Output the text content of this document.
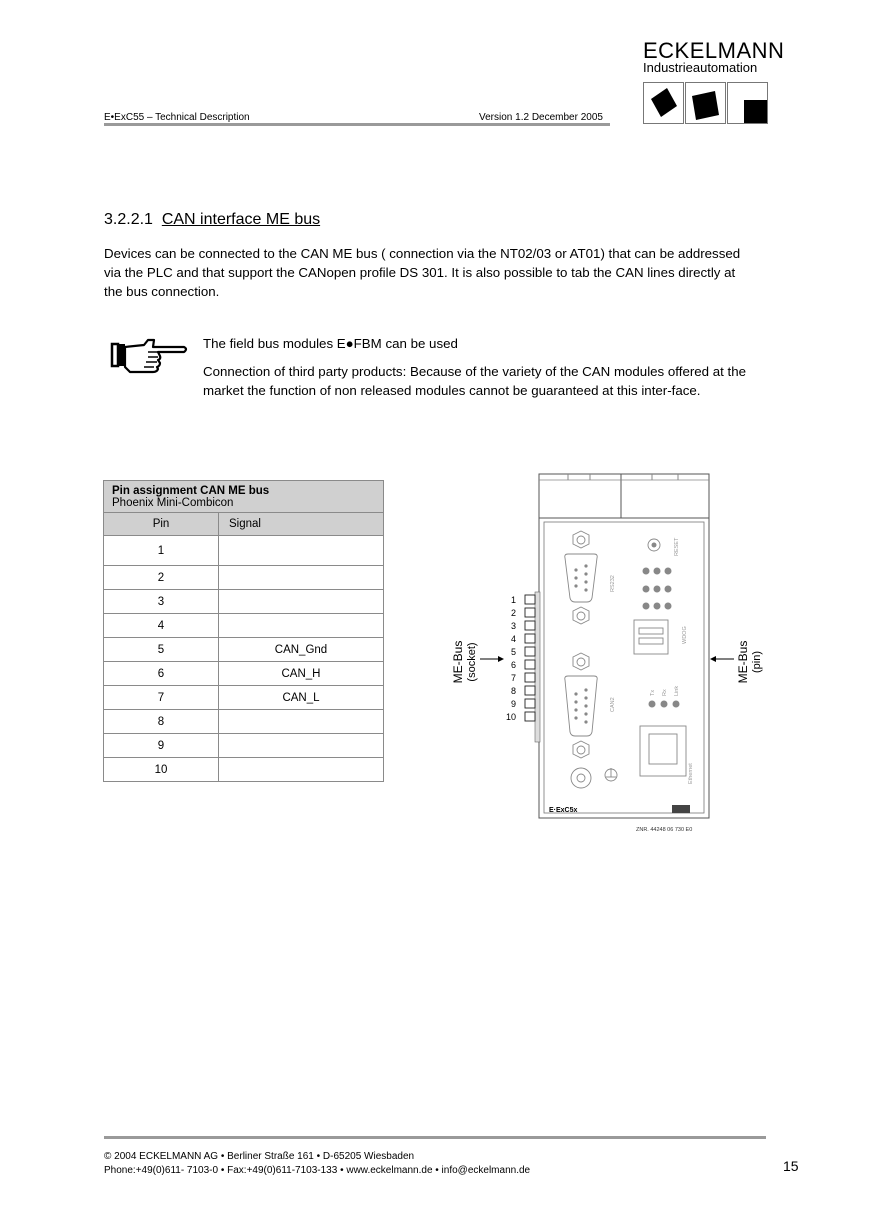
E•ExC55 – Technical Description	Version 1.2 December 2005
ECKELMANN
Industrieautomation
3.2.2.1 CAN interface ME bus

Devices can be connected to the CAN ME bus ( connection via the NT02/03 or AT01) that can be addressed via the PLC and that support the CANopen profile DS 301. It is also possible to tab the CAN lines directly at the bus connection.

The field bus modules E●FBM can be used

Connection of third party products: Because of the variety of the CAN modules offered at the market the function of non released modules cannot be guaranteed at this inter-face.

Pin assignment CAN ME bus
Phoenix Mini-Combicon	
Pin	Signal
1	
2	
3	
4	
5	CAN_Gnd
6	CAN_H
7	CAN_L
8	
9	
10	
1
2
3
4
5
6
7
8
9
10
ME-Bus (socket)	ME-Bus (pin)
RS232
CAN2
RESET
WDOG
Tx Rx Link
Ethernet
E·ExC5x
ZNR. 44248 06 730 E0
© 2004 ECKELMANN AG • Berliner Straße 161 • D-65205 Wiesbaden
Phone:+49(0)611- 7103-0 • Fax:+49(0)611-7103-133 • www.eckelmann.de • info@eckelmann.de	15
